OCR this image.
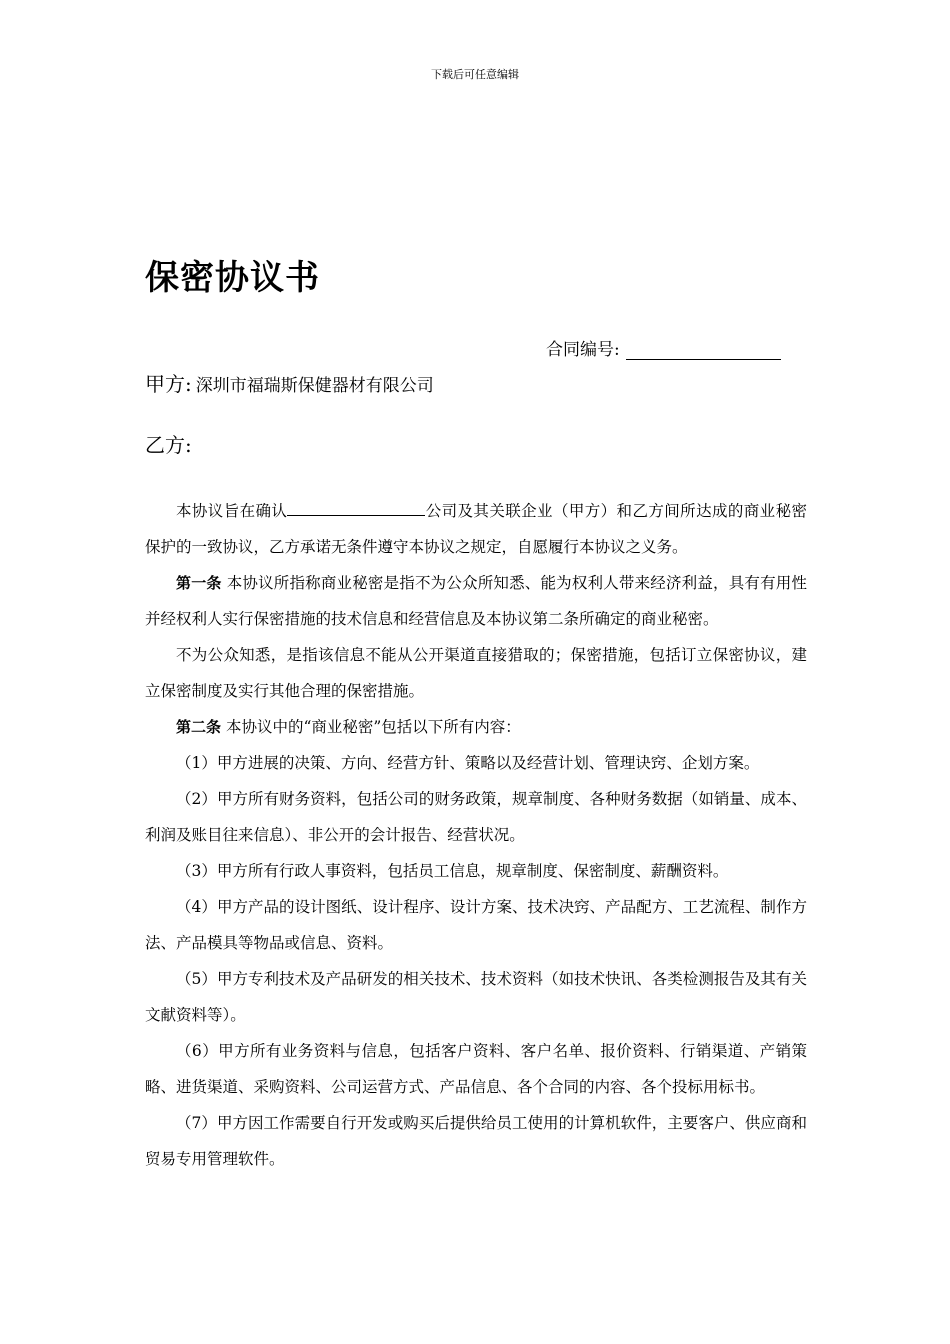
下载后可任意编辑
保密协议书
合同编号:
甲方: 深圳市福瑞斯保健器材有限公司
乙方:

本协议旨在确认	公司及其关联企业（甲方）和乙方间所达成的商业秘密保护的一致协议，乙方承诺无条件遵守本协议之规定，自愿履行本协议之义务。

第一条 本协议所指称商业秘密是指不为公众所知悉、能为权利人带来经济利益，具有有用性并经权利人实行保密措施的技术信息和经营信息及本协议第二条所确定的商业秘密。

不为公众知悉，是指该信息不能从公开渠道直接猎取的；保密措施，包括订立保密协议，建立保密制度及实行其他合理的保密措施。

第二条 本协议中的“商业秘密”包括以下所有内容：

（1）甲方进展的决策、方向、经营方针、策略以及经营计划、管理诀窍、企划方案。

（2）甲方所有财务资料，包括公司的财务政策，规章制度、各种财务数据（如销量、成本、利润及账目往来信息）、非公开的会计报告、经营状况。

（3）甲方所有行政人事资料，包括员工信息，规章制度、保密制度、薪酬资料。

（4）甲方产品的设计图纸、设计程序、设计方案、技术决窍、产品配方、工艺流程、制作方法、产品模具等物品或信息、资料。

（5）甲方专利技术及产品研发的相关技术、技术资料（如技术快讯、各类检测报告及其有关文献资料等）。

（6）甲方所有业务资料与信息，包括客户资料、客户名单、报价资料、行销渠道、产销策略、进货渠道、采购资料、公司运营方式、产品信息、各个合同的内容、各个投标用标书。

（7）甲方因工作需要自行开发或购买后提供给员工使用的计算机软件，主要客户、供应商和贸易专用管理软件。
